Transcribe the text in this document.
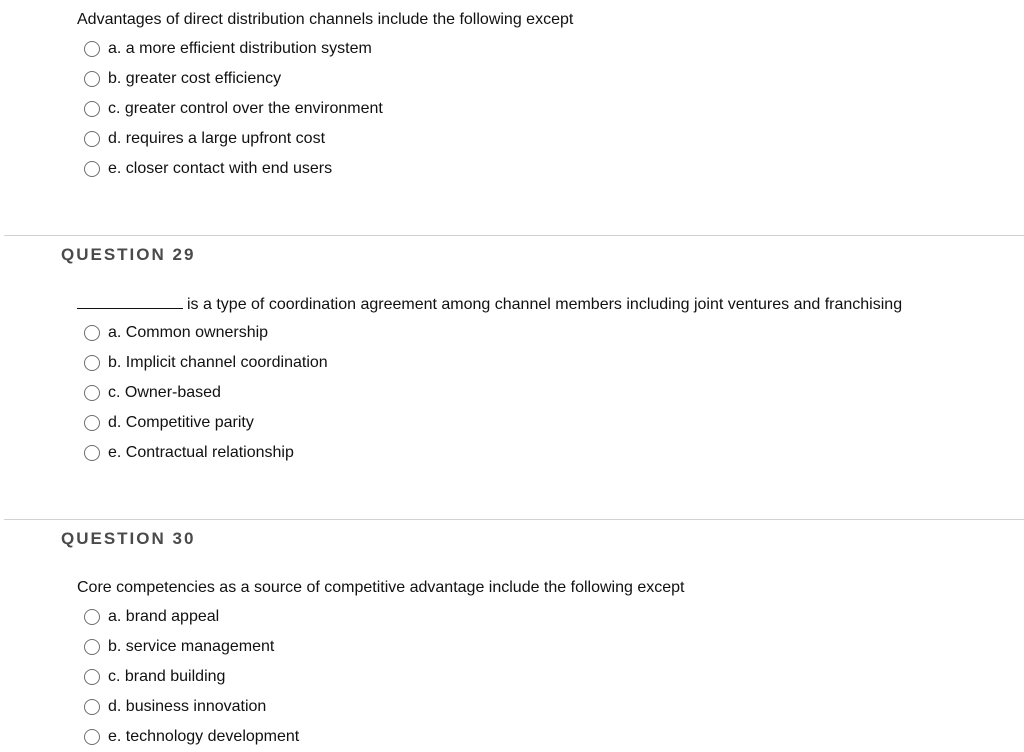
Advantages of direct distribution channels include the following except
a. a more efficient distribution system
b. greater cost efficiency
c. greater control over the environment
d. requires a large upfront cost
e. closer contact with end users
QUESTION 29
is a type of coordination agreement among channel members including joint ventures and franchising
a. Common ownership
b. Implicit channel coordination
c. Owner-based
d. Competitive parity
e. Contractual relationship
QUESTION 30
Core competencies as a source of competitive advantage include the following except
a. brand appeal
b. service management
c. brand building
d. business innovation
e. technology development
